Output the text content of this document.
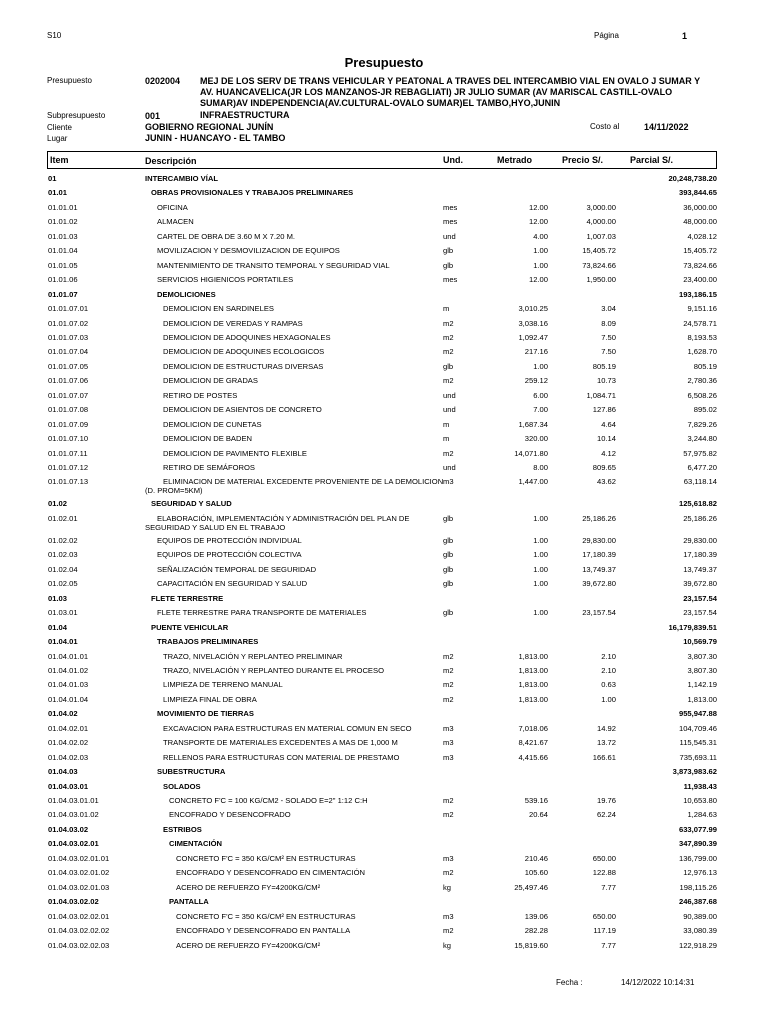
S10	Página	1
Presupuesto
Presupuesto	0202004 MEJ DE LOS SERV DE TRANS VEHICULAR Y PEATONAL A TRAVES DEL INTERCAMBIO VIAL EN OVALO J SUMAR Y
AV. HUANCAVELICA(JR LOS MANZANOS-JR REBAGLIATI) JR JULIO SUMAR (AV MARISCAL CASTILL-OVALO
SUMAR)AV INDEPENDENCIA(AV.CULTURAL-OVALO SUMAR)EL TAMBO,HYO,JUNIN
Subpresupuesto	001	INFRAESTRUCTURA
Cliente	GOBIERNO REGIONAL JUNÍN	Costo al	14/11/2022
Lugar	JUNIN - HUANCAYO - EL TAMBO
Item	Descripción	Und.	Metrado	Precio S/.	Parcial S/.
01	INTERCAMBIO VÍAL	20,248,738.20
01.01	OBRAS PROVISIONALES Y TRABAJOS PRELIMINARES	393,844.65
01.01.01	OFICINA	mes	12.00	3,000.00	36,000.00
01.01.02	ALMACEN	mes	12.00	4,000.00	48,000.00
01.01.03	CARTEL DE OBRA DE 3.60 M X 7.20 M.	und	4.00	1,007.03	4,028.12
01.01.04	MOVILIZACION Y DESMOVILIZACION DE EQUIPOS	glb	1.00	15,405.72	15,405.72
01.01.05	MANTENIMIENTO DE TRANSITO TEMPORAL Y SEGURIDAD VIAL	glb	1.00	73,824.66	73,824.66
01.01.06	SERVICIOS HIGIENICOS PORTATILES	mes	12.00	1,950.00	23,400.00
01.01.07	DEMOLICIONES	193,186.15
01.01.07.01	DEMOLICION EN SARDINELES	m	3,010.25	3.04	9,151.16
01.01.07.02	DEMOLICION DE VEREDAS Y RAMPAS	m2	3,038.16	8.09	24,578.71
01.01.07.03	DEMOLICION DE ADOQUINES HEXAGONALES	m2	1,092.47	7.50	8,193.53
01.01.07.04	DEMOLICION DE ADOQUINES ECOLOGICOS	m2	217.16	7.50	1,628.70
01.01.07.05	DEMOLICION DE ESTRUCTURAS DIVERSAS	glb	1.00	805.19	805.19
01.01.07.06	DEMOLICION DE GRADAS	m2	259.12	10.73	2,780.36
01.01.07.07	RETIRO DE POSTES	und	6.00	1,084.71	6,508.26
01.01.07.08	DEMOLICION DE ASIENTOS DE CONCRETO	und	7.00	127.86	895.02
01.01.07.09	DEMOLICION DE CUNETAS	m	1,687.34	4.64	7,829.26
01.01.07.10	DEMOLICION DE BADEN	m	320.00	10.14	3,244.80
01.01.07.11	DEMOLICION DE PAVIMENTO FLEXIBLE	m2	14,071.80	4.12	57,975.82
01.01.07.12	RETIRO DE SEMÁFOROS	und	8.00	809.65	6,477.20
01.01.07.13	ELIMINACION DE MATERIAL EXCEDENTE PROVENIENTE DE LA DEMOLICION
(D. PROM=5KM)
m3	1,447.00	43.62	63,118.14
01.02	SEGURIDAD Y SALUD	125,618.82
01.02.01	ELABORACIÓN, IMPLEMENTACIÓN Y ADMINISTRACIÓN DEL PLAN DE
SEGURIDAD Y SALUD EN EL TRABAJO
glb	1.00	25,186.26	25,186.26
01.02.02	EQUIPOS DE PROTECCIÓN INDIVIDUAL	glb	1.00	29,830.00	29,830.00
01.02.03	EQUIPOS DE PROTECCIÓN COLECTIVA	glb	1.00	17,180.39	17,180.39
01.02.04	SEÑALIZACIÓN TEMPORAL DE SEGURIDAD	glb	1.00	13,749.37	13,749.37
01.02.05	CAPACITACIÓN EN SEGURIDAD Y SALUD	glb	1.00	39,672.80	39,672.80
01.03	FLETE TERRESTRE	23,157.54
01.03.01	FLETE TERRESTRE PARA TRANSPORTE DE MATERIALES	glb	1.00	23,157.54	23,157.54
01.04	PUENTE VEHICULAR	16,179,839.51
01.04.01	TRABAJOS PRELIMINARES	10,569.79
01.04.01.01	TRAZO, NIVELACIÓN Y REPLANTEO PRELIMINAR	m2	1,813.00	2.10	3,807.30
01.04.01.02	TRAZO, NIVELACIÓN Y REPLANTEO DURANTE EL PROCESO	m2	1,813.00	2.10	3,807.30
01.04.01.03	LIMPIEZA DE TERRENO MANUAL	m2	1,813.00	0.63	1,142.19
01.04.01.04	LIMPIEZA FINAL DE OBRA	m2	1,813.00	1.00	1,813.00
01.04.02	MOVIMIENTO DE TIERRAS	955,947.88
01.04.02.01	EXCAVACION PARA ESTRUCTURAS EN MATERIAL COMUN EN SECO	m3	7,018.06	14.92	104,709.46
01.04.02.02	TRANSPORTE DE MATERIALES EXCEDENTES A MAS DE 1,000 M	m3	8,421.67	13.72	115,545.31
01.04.02.03	RELLENOS PARA ESTRUCTURAS CON MATERIAL DE PRESTAMO	m3	4,415.66	166.61	735,693.11
01.04.03	SUBESTRUCTURA	3,873,983.62
01.04.03.01	SOLADOS	11,938.43
01.04.03.01.01	CONCRETO F'C = 100 KG/CM2 - SOLADO E=2" 1:12 C:H	m2	539.16	19.76	10,653.80
01.04.03.01.02	ENCOFRADO Y DESENCOFRADO	m2	20.64	62.24	1,284.63
01.04.03.02	ESTRIBOS	633,077.99
01.04.03.02.01	CIMENTACIÓN	347,890.39
01.04.03.02.01.01	CONCRETO F'C = 350 KG/CM² EN ESTRUCTURAS	m3	210.46	650.00	136,799.00
01.04.03.02.01.02	ENCOFRADO Y DESENCOFRADO EN CIMENTACIÓN	m2	105.60	122.88	12,976.13
01.04.03.02.01.03	ACERO DE REFUERZO FY=4200KG/CM²	kg	25,497.46	7.77	198,115.26
01.04.03.02.02	PANTALLA	246,387.68
01.04.03.02.02.01	CONCRETO F'C = 350 KG/CM² EN ESTRUCTURAS	m3	139.06	650.00	90,389.00
01.04.03.02.02.02	ENCOFRADO Y DESENCOFRADO EN PANTALLA	m2	282.28	117.19	33,080.39
01.04.03.02.02.03	ACERO DE REFUERZO FY=4200KG/CM²	kg	15,819.60	7.77	122,918.29
Fecha :	14/12/2022 10:14:31
